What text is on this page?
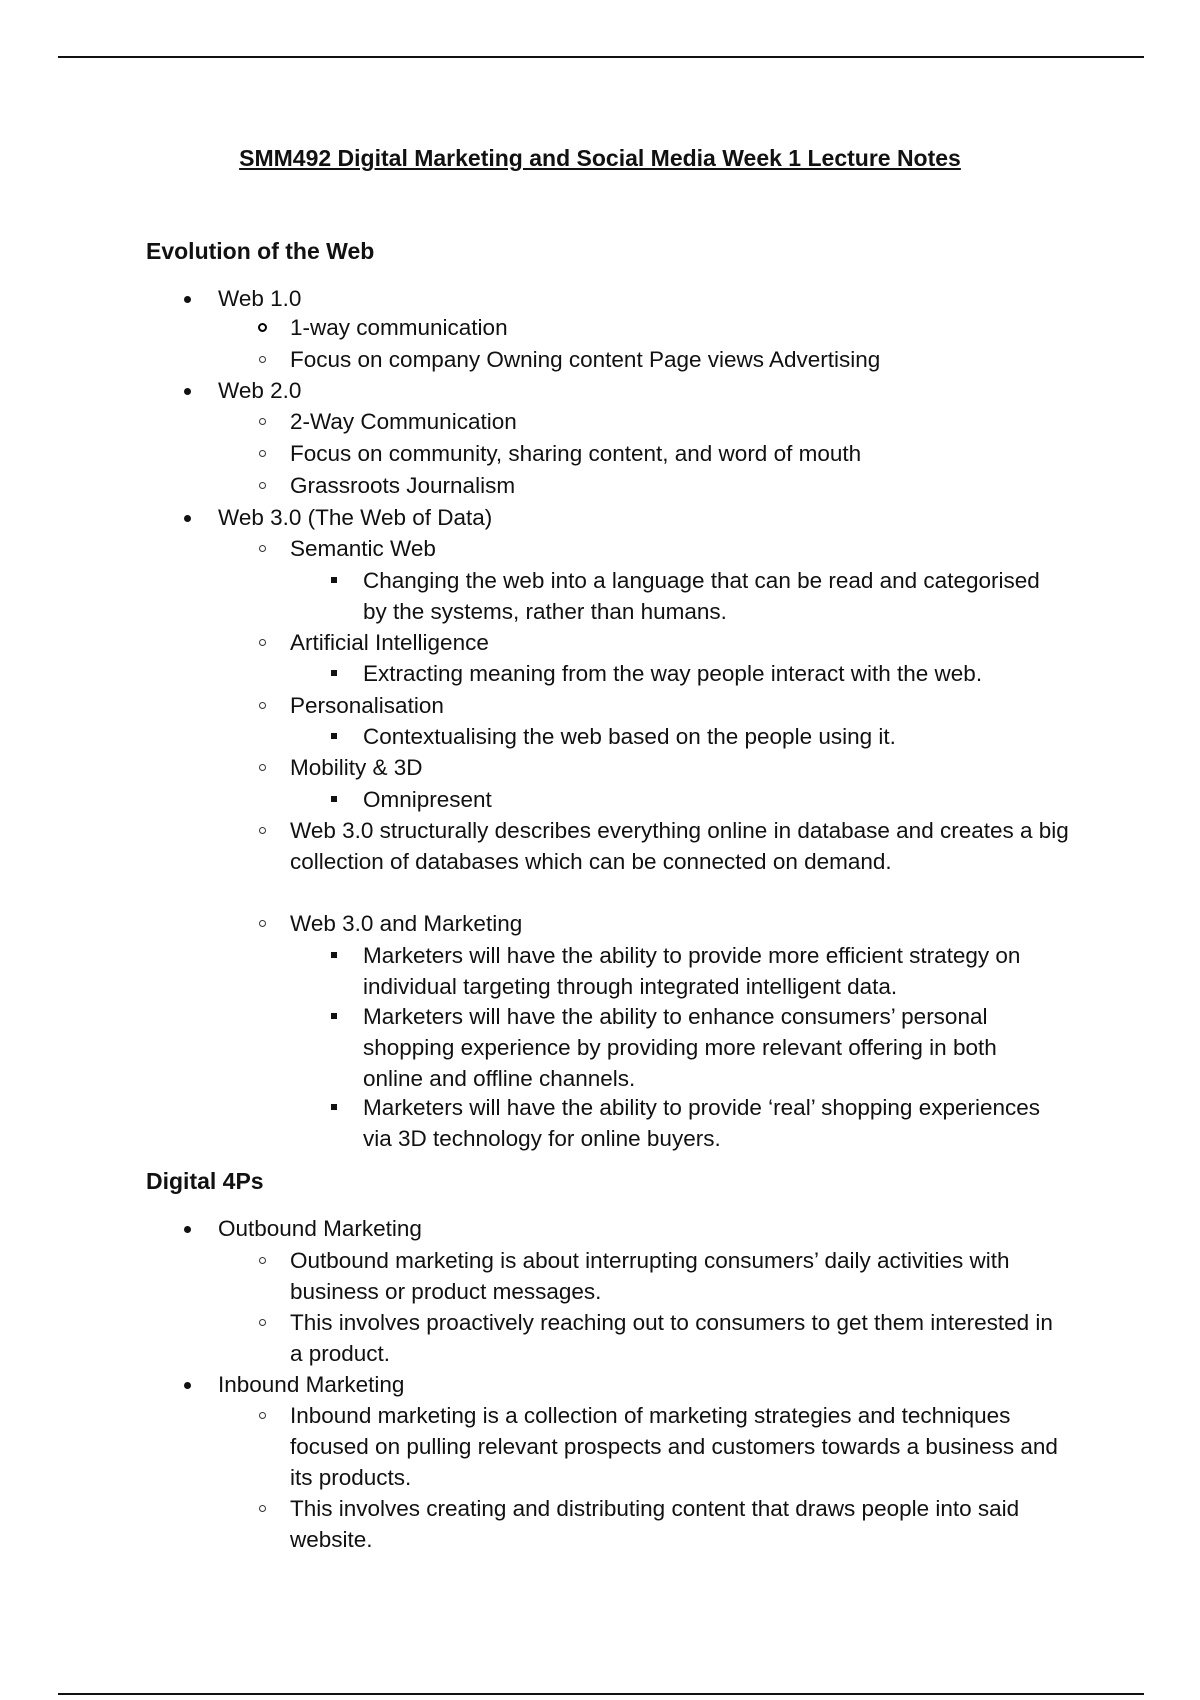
SMM492 Digital Marketing and Social Media Week 1 Lecture Notes
Evolution of the Web
Web 1.0
1-way communication
Focus on company Owning content Page views Advertising
Web 2.0
2-Way Communication
Focus on community, sharing content, and word of mouth
Grassroots Journalism
Web 3.0 (The Web of Data)
Semantic Web
Changing the web into a language that can be read and categorised by the systems, rather than humans.
Artificial Intelligence
Extracting meaning from the way people interact with the web.
Personalisation
Contextualising the web based on the people using it.
Mobility & 3D
Omnipresent
Web 3.0 structurally describes everything online in database and creates a big collection of databases which can be connected on demand.
Web 3.0 and Marketing
Marketers will have the ability to provide more efficient strategy on individual targeting through integrated intelligent data.
Marketers will have the ability to enhance consumers’ personal shopping experience by providing more relevant offering in both online and offline channels.
Marketers will have the ability to provide ‘real’ shopping experiences via 3D technology for online buyers.
Digital 4Ps
Outbound Marketing
Outbound marketing is about interrupting consumers’ daily activities with business or product messages.
This involves proactively reaching out to consumers to get them interested in a product.
Inbound Marketing
Inbound marketing is a collection of marketing strategies and techniques focused on pulling relevant prospects and customers towards a business and its products.
This involves creating and distributing content that draws people into said website.
